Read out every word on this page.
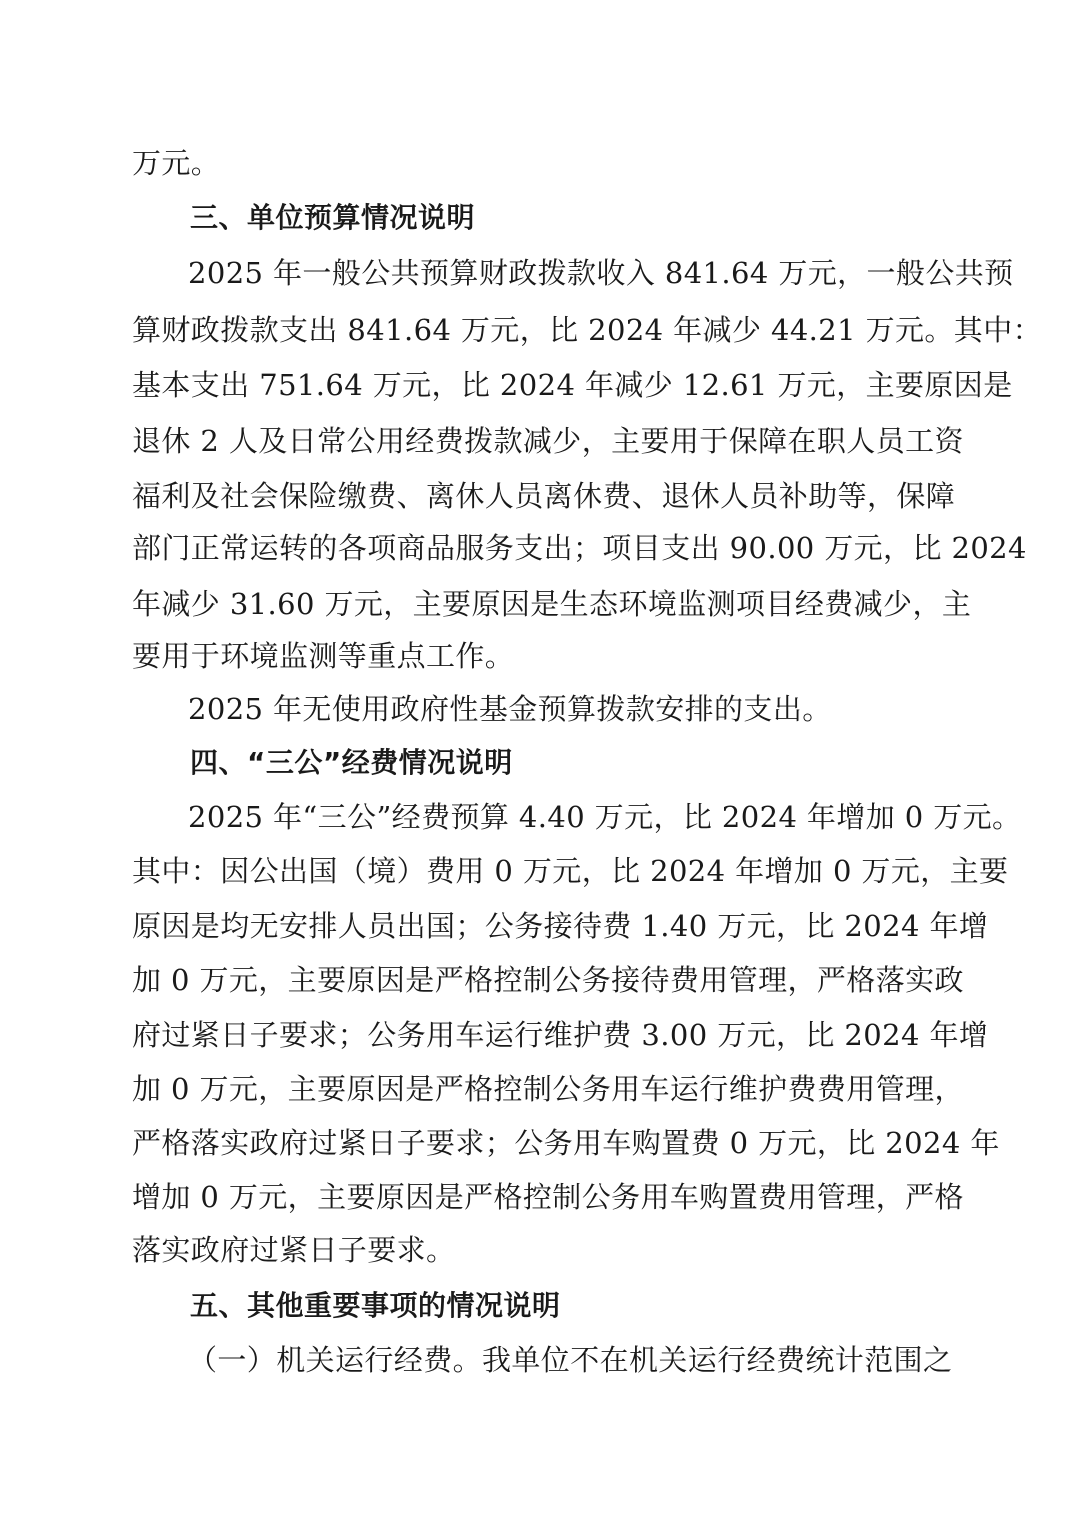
万元。
三、单位预算情况说明
2025 年一般公共预算财政拨款收入 841.64 万元，一般公共预
算财政拨款支出 841.64 万元，比 2024 年减少 44.21 万元。其中：
基本支出 751.64 万元，比 2024 年减少 12.61 万元，主要原因是
退休 2 人及日常公用经费拨款减少，主要用于保障在职人员工资
福利及社会保险缴费、离休人员离休费、退休人员补助等，保障
部门正常运转的各项商品服务支出；项目支出 90.00 万元，比 2024
年减少 31.60 万元，主要原因是生态环境监测项目经费减少，主
要用于环境监测等重点工作。
2025 年无使用政府性基金预算拨款安排的支出。
四、“三公”经费情况说明
2025 年“三公”经费预算 4.40 万元，比 2024 年增加 0 万元。
其中：因公出国（境）费用 0 万元，比 2024 年增加 0 万元，主要
原因是均无安排人员出国；公务接待费 1.40 万元，比 2024 年增
加 0 万元，主要原因是严格控制公务接待费用管理，严格落实政
府过紧日子要求；公务用车运行维护费 3.00 万元，比 2024 年增
加 0 万元，主要原因是严格控制公务用车运行维护费费用管理，
严格落实政府过紧日子要求；公务用车购置费 0 万元，比 2024 年
增加 0 万元，主要原因是严格控制公务用车购置费用管理，严格
落实政府过紧日子要求。
五、其他重要事项的情况说明
（一）机关运行经费。我单位不在机关运行经费统计范围之
